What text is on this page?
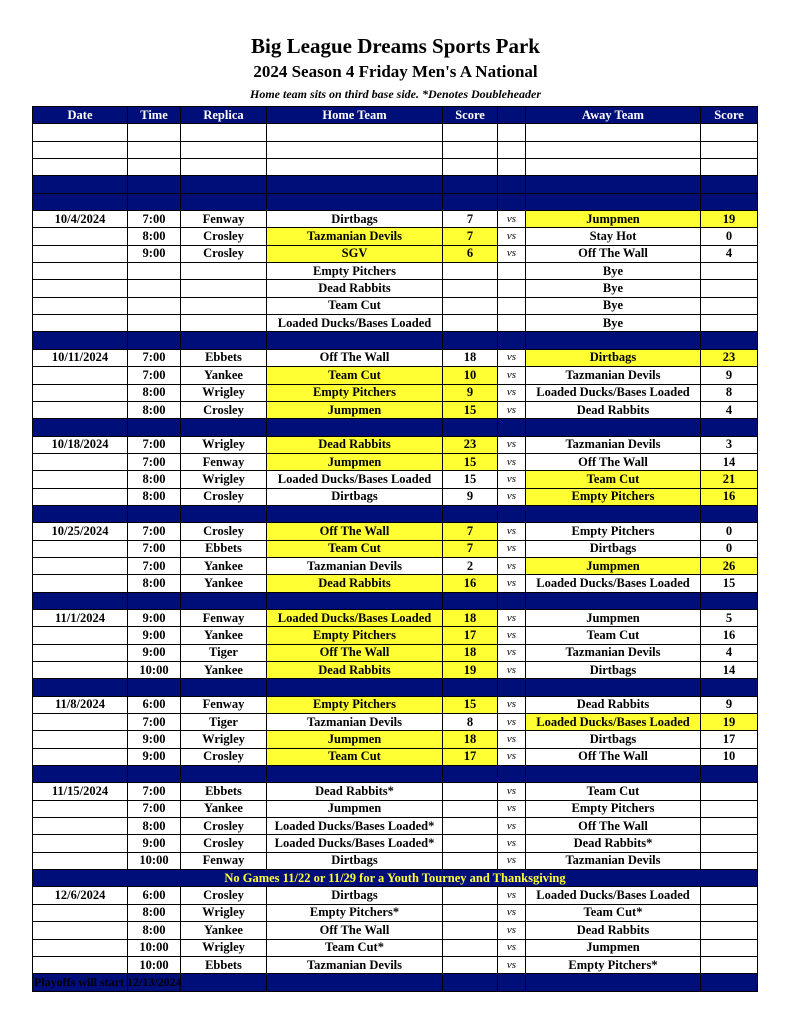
Big League Dreams Sports Park
2024 Season 4 Friday Men's A National
Home team sits on third base side. *Denotes Doubleheader
Date	Time	Replica	Home Team	Score		Away Team	Score

10/4/2024	7:00	Fenway	Dirtbags	7	vs	Jumpmen	19
	8:00	Crosley	Tazmanian Devils	7	vs	Stay Hot	0
	9:00	Crosley	SGV	6	vs	Off The Wall	4
			Empty Pitchers			Bye	
			Dead Rabbits			Bye	
			Team Cut			Bye	
			Loaded Ducks/Bases Loaded			Bye	

10/11/2024	7:00	Ebbets	Off The Wall	18	vs	Dirtbags	23
	7:00	Yankee	Team Cut	10	vs	Tazmanian Devils	9
	8:00	Wrigley	Empty Pitchers	9	vs	Loaded Ducks/Bases Loaded	8
	8:00	Crosley	Jumpmen	15	vs	Dead Rabbits	4

10/18/2024	7:00	Wrigley	Dead Rabbits	23	vs	Tazmanian Devils	3
	7:00	Fenway	Jumpmen	15	vs	Off The Wall	14
	8:00	Wrigley	Loaded Ducks/Bases Loaded	15	vs	Team Cut	21
	8:00	Crosley	Dirtbags	9	vs	Empty Pitchers	16

10/25/2024	7:00	Crosley	Off The Wall	7	vs	Empty Pitchers	0
	7:00	Ebbets	Team Cut	7	vs	Dirtbags	0
	7:00	Yankee	Tazmanian Devils	2	vs	Jumpmen	26
	8:00	Yankee	Dead Rabbits	16	vs	Loaded Ducks/Bases Loaded	15

11/1/2024	9:00	Fenway	Loaded Ducks/Bases Loaded	18	vs	Jumpmen	5
	9:00	Yankee	Empty Pitchers	17	vs	Team Cut	16
	9:00	Tiger	Off The Wall	18	vs	Tazmanian Devils	4
	10:00	Yankee	Dead Rabbits	19	vs	Dirtbags	14

11/8/2024	6:00	Fenway	Empty Pitchers	15	vs	Dead Rabbits	9
	7:00	Tiger	Tazmanian Devils	8	vs	Loaded Ducks/Bases Loaded	19
	9:00	Wrigley	Jumpmen	18	vs	Dirtbags	17
	9:00	Crosley	Team Cut	17	vs	Off The Wall	10

11/15/2024	7:00	Ebbets	Dead Rabbits*		vs	Team Cut	
	7:00	Yankee	Jumpmen		vs	Empty Pitchers	
	8:00	Crosley	Loaded Ducks/Bases Loaded*		vs	Off The Wall	
	9:00	Crosley	Loaded Ducks/Bases Loaded*		vs	Dead Rabbits*	
	10:00	Fenway	Dirtbags		vs	Tazmanian Devils	
No Games 11/22 or 11/29 for a Youth Tourney and Thanksgiving							
12/6/2024	6:00	Crosley	Dirtbags		vs	Loaded Ducks/Bases Loaded	
	8:00	Wrigley	Empty Pitchers*		vs	Team Cut*	
	8:00	Yankee	Off The Wall		vs	Dead Rabbits	
	10:00	Wrigley	Team Cut*		vs	Jumpmen	
	10:00	Ebbets	Tazmanian Devils		vs	Empty Pitchers*	

Playoffs will start 12/13/2024
